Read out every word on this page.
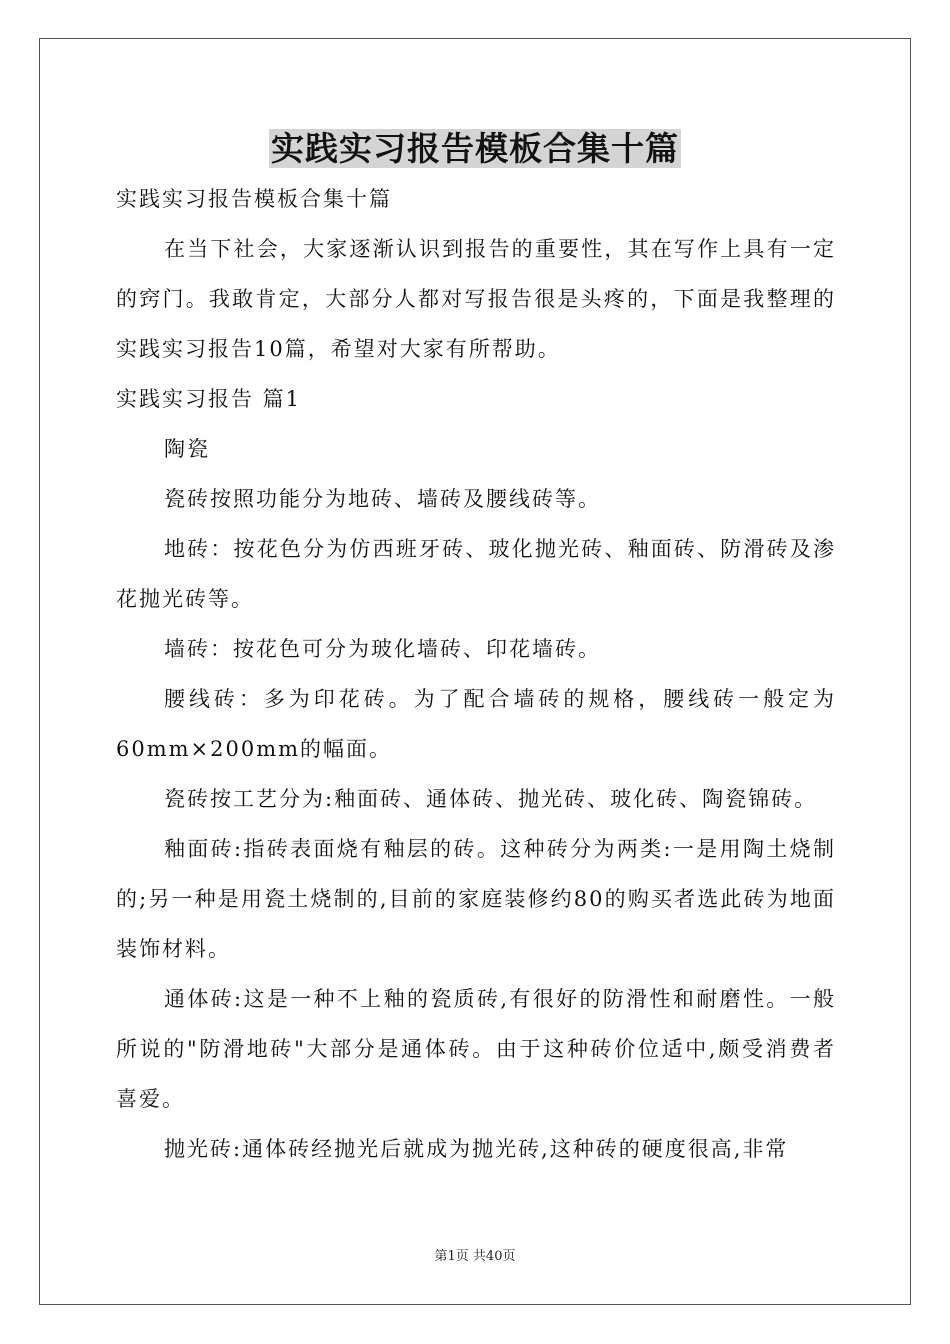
实践实习报告模板合集十篇

实践实习报告模板合集十篇

在当下社会，大家逐渐认识到报告的重要性，其在写作上具有一定的窍门。我敢肯定，大部分人都对写报告很是头疼的，下面是我整理的实践实习报告10篇，希望对大家有所帮助。

实践实习报告 篇1

陶瓷

瓷砖按照功能分为地砖、墙砖及腰线砖等。

地砖：按花色分为仿西班牙砖、玻化抛光砖、釉面砖、防滑砖及渗花抛光砖等。

墙砖：按花色可分为玻化墙砖、印花墙砖。

腰线砖：多为印花砖。为了配合墙砖的规格，腰线砖一般定为60mm×200mm的幅面。

瓷砖按工艺分为:釉面砖、通体砖、抛光砖、玻化砖、陶瓷锦砖。

釉面砖:指砖表面烧有釉层的砖。这种砖分为两类:一是用陶土烧制的;另一种是用瓷土烧制的,目前的家庭装修约80的购买者选此砖为地面装饰材料。

通体砖:这是一种不上釉的瓷质砖,有很好的防滑性和耐磨性。一般所说的"防滑地砖"大部分是通体砖。由于这种砖价位适中,颇受消费者喜爱。

抛光砖:通体砖经抛光后就成为抛光砖,这种砖的硬度很高,非常

第1页 共40页
